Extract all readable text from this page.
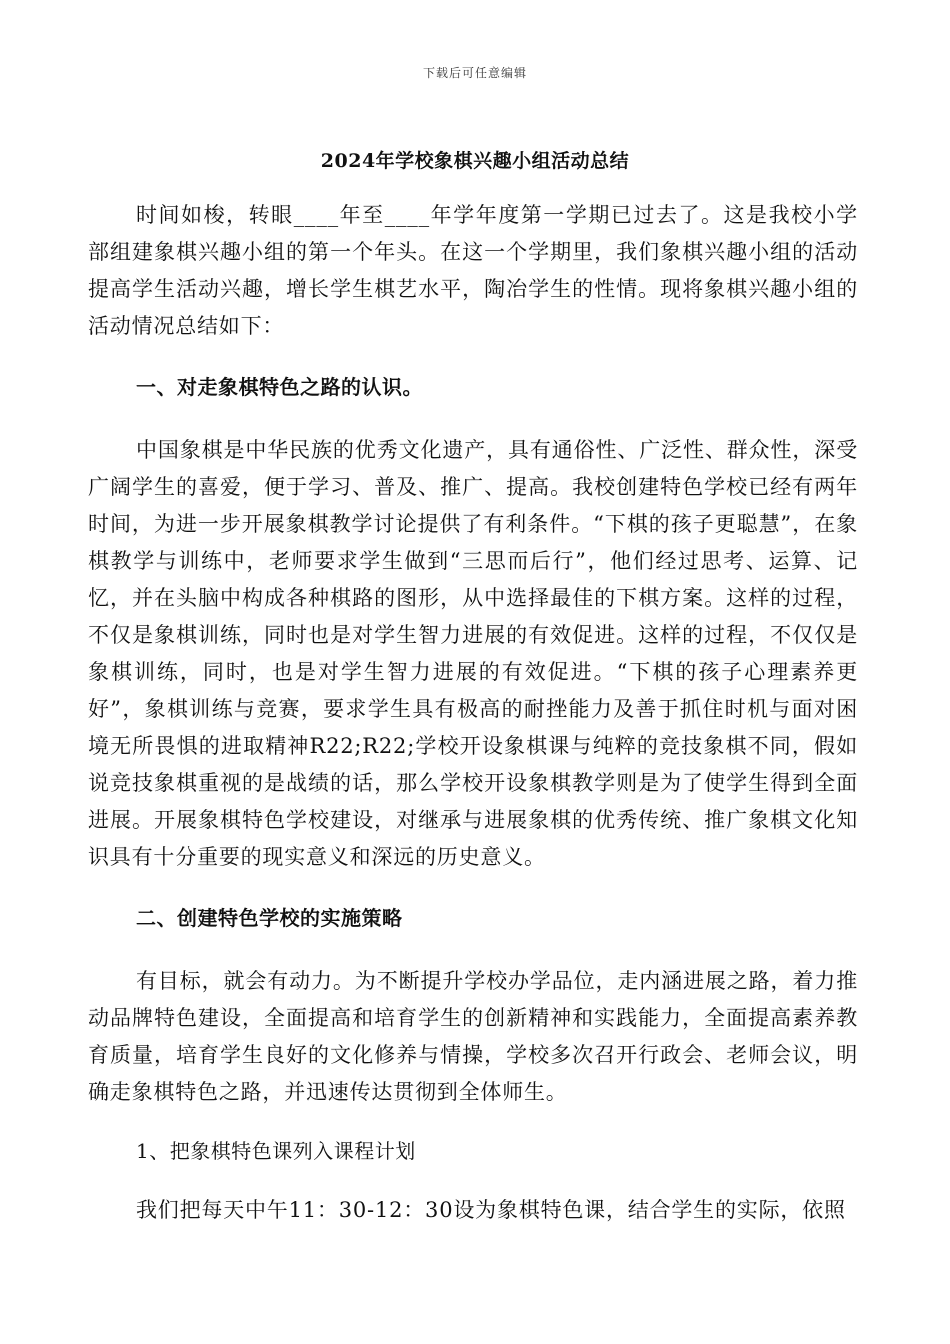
下载后可任意编辑
2024年学校象棋兴趣小组活动总结

时间如梭，转眼____年至____年学年度第一学期已过去了。这是我校小学部组建象棋兴趣小组的第一个年头。在这一个学期里，我们象棋兴趣小组的活动提高学生活动兴趣，增长学生棋艺水平，陶冶学生的性情。现将象棋兴趣小组的活动情况总结如下：

一、对走象棋特色之路的认识。

中国象棋是中华民族的优秀文化遗产，具有通俗性、广泛性、群众性，深受广阔学生的喜爱，便于学习、普及、推广、提高。我校创建特色学校已经有两年时间，为进一步开展象棋教学讨论提供了有利条件。“下棋的孩子更聪慧”，在象棋教学与训练中，老师要求学生做到“三思而后行”，他们经过思考、运算、记忆，并在头脑中构成各种棋路的图形，从中选择最佳的下棋方案。这样的过程，不仅是象棋训练，同时也是对学生智力进展的有效促进。这样的过程，不仅仅是象棋训练，同时，也是对学生智力进展的有效促进。“下棋的孩子心理素养更好”，象棋训练与竞赛，要求学生具有极高的耐挫能力及善于抓住时机与面对困境无所畏惧的进取精神R22;R22;学校开设象棋课与纯粹的竞技象棋不同，假如说竞技象棋重视的是战绩的话，那么学校开设象棋教学则是为了使学生得到全面进展。开展象棋特色学校建设，对继承与进展象棋的优秀传统、推广象棋文化知识具有十分重要的现实意义和深远的历史意义。

二、创建特色学校的实施策略

有目标，就会有动力。为不断提升学校办学品位，走内涵进展之路，着力推动品牌特色建设，全面提高和培育学生的创新精神和实践能力，全面提高素养教育质量，培育学生良好的文化修养与情操，学校多次召开行政会、老师会议，明确走象棋特色之路，并迅速传达贯彻到全体师生。

1、把象棋特色课列入课程计划

我们把每天中午11：30-12：30设为象棋特色课，结合学生的实际，依照
